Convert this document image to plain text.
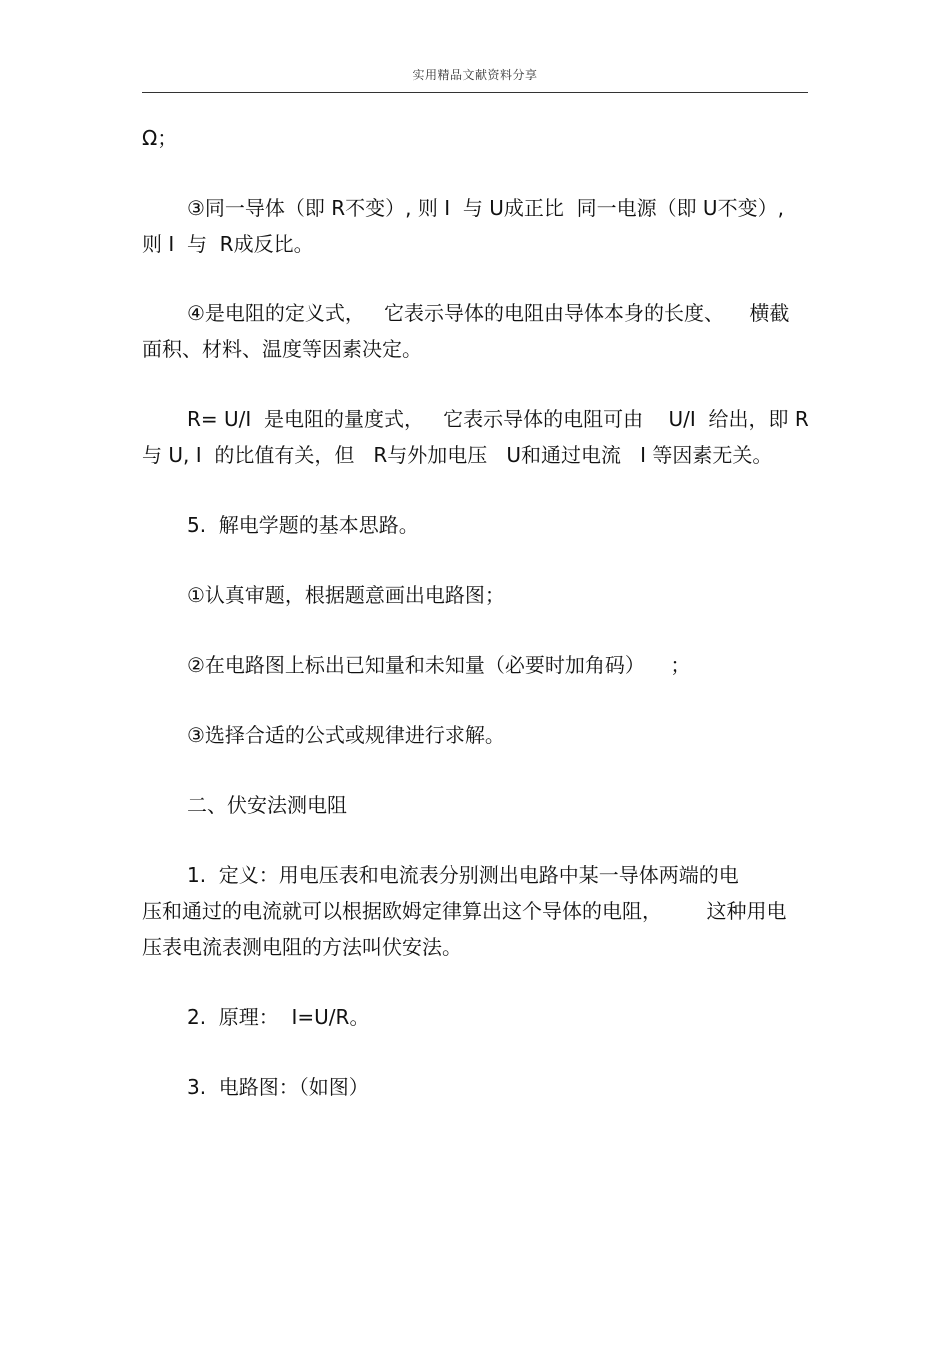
实用精品文献资料分享
Ω；
③同一导体（即 R不变）, 则 I  与 U成正比  同一电源（即 U不变）,
则 I  与  R成反比。
④是电阻的定义式，   它表示导体的电阻由导体本身的长度、    横截
面积、材料、温度等因素决定。
R= U/I  是电阻的量度式，   它表示导体的电阻可由    U/I  给出，即 R
与 U, I  的比值有关，但   R与外加电压   U和通过电流   I 等因素无关。
5.  解电学题的基本思路。
①认真审题，根据题意画出电路图；
②在电路图上标出已知量和未知量（必要时加角码）    ；
③选择合适的公式或规律进行求解。
二、伏安法测电阻
1.  定义：用电压表和电流表分别测出电路中某一导体两端的电
压和通过的电流就可以根据欧姆定律算出这个导体的电阻，       这种用电
压表电流表测电阻的方法叫伏安法。
2.  原理：  I=U/R。
3.  电路图：（如图）
